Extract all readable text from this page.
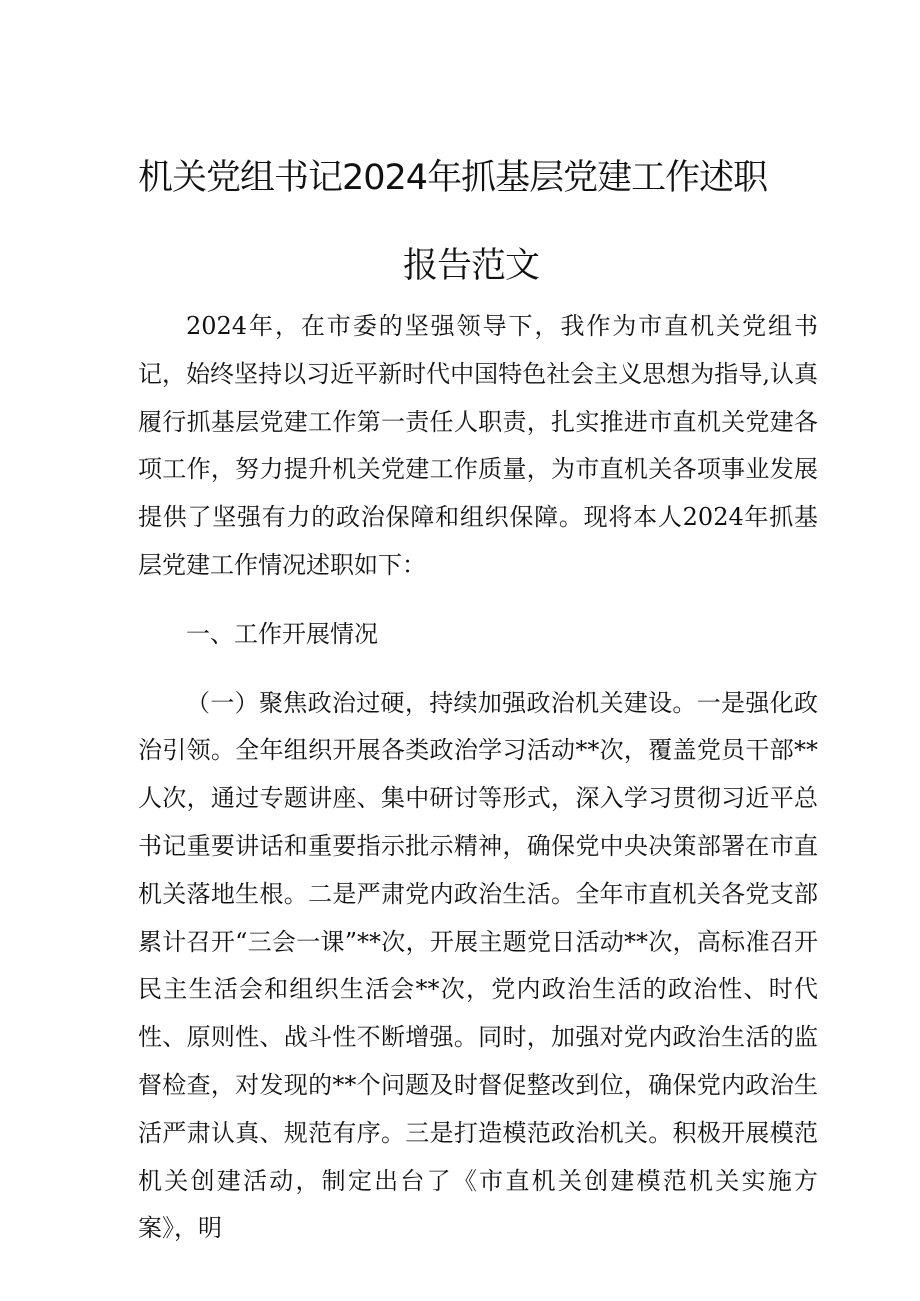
机关党组书记2024年抓基层党建工作述职
报告范文

2024年，在市委的坚强领导下，我作为市直机关党组书记，始终坚持以习近平新时代中国特色社会主义思想为指导,认真履行抓基层党建工作第一责任人职责，扎实推进市直机关党建各项工作，努力提升机关党建工作质量，为市直机关各项事业发展提供了坚强有力的政治保障和组织保障。现将本人2024年抓基层党建工作情况述职如下：

一、工作开展情况

（一）聚焦政治过硬，持续加强政治机关建设。一是强化政治引领。全年组织开展各类政治学习活动**次，覆盖党员干部**人次，通过专题讲座、集中研讨等形式，深入学习贯彻习近平总书记重要讲话和重要指示批示精神，确保党中央决策部署在市直机关落地生根。二是严肃党内政治生活。全年市直机关各党支部累计召开“三会一课”**次，开展主题党日活动**次，高标准召开民主生活会和组织生活会**次，党内政治生活的政治性、时代性、原则性、战斗性不断增强。同时，加强对党内政治生活的监督检查，对发现的**个问题及时督促整改到位，确保党内政治生活严肃认真、规范有序。三是打造模范政治机关。积极开展模范机关创建活动，制定出台了《市直机关创建模范机关实施方案》，明
